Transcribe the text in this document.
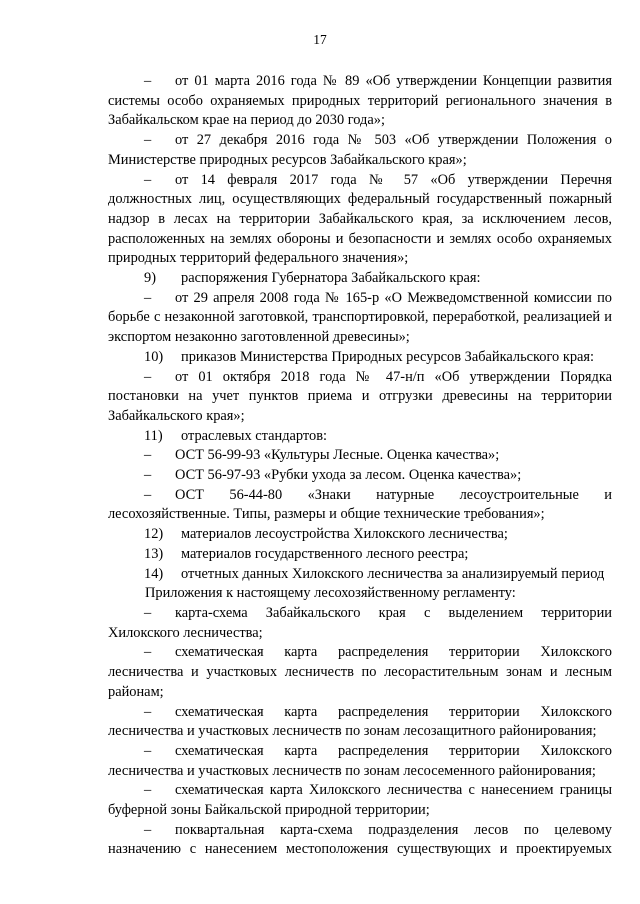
17

– от 01 марта 2016 года № 89 «Об утверждении Концепции развития системы особо охраняемых природных территорий регионального значения в Забайкальском крае на период до 2030 года»;

– от 27 декабря 2016 года № 503 «Об утверждении Положения о Министерстве природных ресурсов Забайкальского края»;

– от 14 февраля 2017 года № 57 «Об утверждении Перечня должностных лиц, осуществляющих федеральный государственный пожарный надзор в лесах на территории Забайкальского края, за исключением лесов, расположенных на землях обороны и безопасности и землях особо охраняемых природных территорий федерального значения»;

9) распоряжения Губернатора Забайкальского края:

– от 29 апреля 2008 года № 165-р «О Межведомственной комиссии по борьбе с незаконной заготовкой, транспортировкой, переработкой, реализацией и экспортом незаконно заготовленной древесины»;

10) приказов Министерства Природных ресурсов Забайкальского края:

– от 01 октября 2018 года № 47-н/п «Об утверждении Порядка постановки на учет пунктов приема и отгрузки древесины на территории Забайкальского края»;

11) отраслевых стандартов:

– ОСТ 56-99-93 «Культуры Лесные. Оценка качества»;

– ОСТ 56-97-93 «Рубки ухода за лесом. Оценка качества»;

– ОСТ 56-44-80 «Знаки натурные лесоустроительные и лесохозяйственные. Типы, размеры и общие технические требования»;

12) материалов лесоустройства Хилокского лесничества;

13) материалов государственного лесного реестра;

14) отчетных данных Хилокского лесничества за анализируемый период

Приложения к настоящему лесохозяйственному регламенту:

– карта-схема Забайкальского края с выделением территории Хилокского лесничества;

– схематическая карта распределения территории Хилокского лесничества и участковых лесничеств по лесорастительным зонам и лесным районам;

– схематическая карта распределения территории Хилокского лесничества и участковых лесничеств по зонам лесозащитного районирования;

– схематическая карта распределения территории Хилокского лесничества и участковых лесничеств по зонам лесосеменного районирования;

– схематическая карта Хилокского лесничества с нанесением границы буферной зоны Байкальской природной территории;

– поквартальная карта-схема подразделения лесов по целевому назначению с нанесением местоположения существующих и проектируемых
